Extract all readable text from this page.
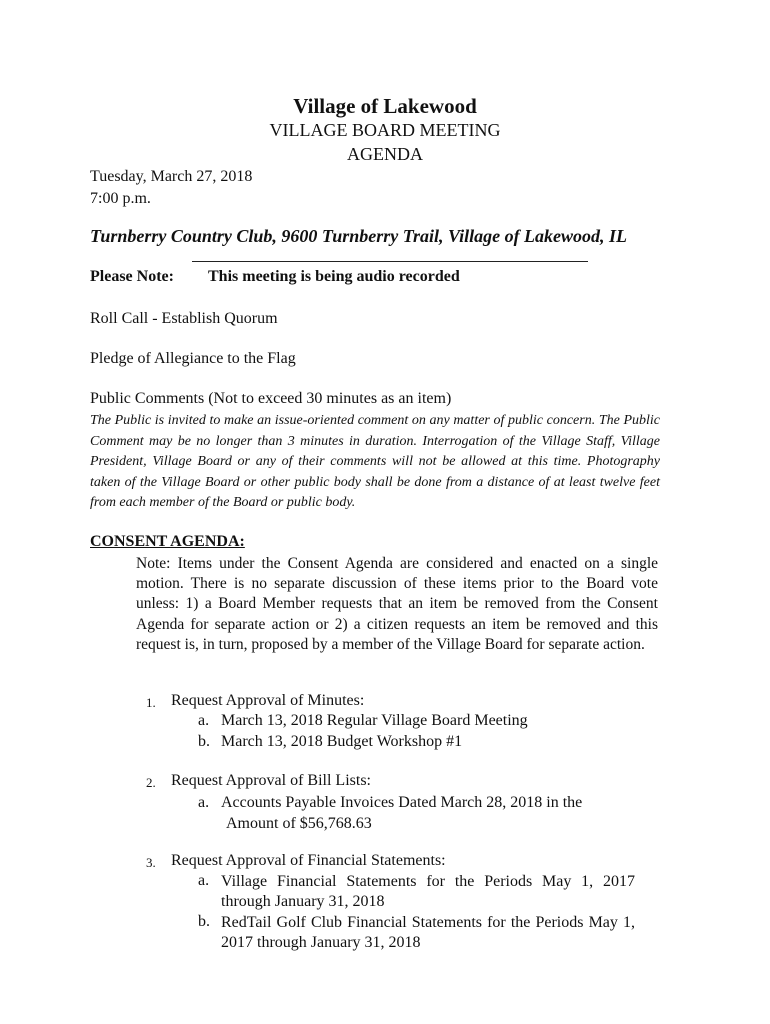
Village of Lakewood
VILLAGE BOARD MEETING
AGENDA
Tuesday, March 27, 2018
7:00 p.m.
Turnberry Country Club, 9600 Turnberry Trail, Village of Lakewood, IL
Please Note: This meeting is being audio recorded
Roll Call - Establish Quorum
Pledge of Allegiance to the Flag
Public Comments (Not to exceed 30 minutes as an item)
The Public is invited to make an issue-oriented comment on any matter of public concern. The Public Comment may be no longer than 3 minutes in duration. Interrogation of the Village Staff, Village President, Village Board or any of their comments will not be allowed at this time. Photography taken of the Village Board or other public body shall be done from a distance of at least twelve feet from each member of the Board or public body.
CONSENT AGENDA:
Note: Items under the Consent Agenda are considered and enacted on a single motion. There is no separate discussion of these items prior to the Board vote unless: 1) a Board Member requests that an item be removed from the Consent Agenda for separate action or 2) a citizen requests an item be removed and this request is, in turn, proposed by a member of the Village Board for separate action.
1. Request Approval of Minutes:
a. March 13, 2018 Regular Village Board Meeting
b. March 13, 2018 Budget Workshop #1
2. Request Approval of Bill Lists:
a. Accounts Payable Invoices Dated March 28, 2018 in the
Amount of $56,768.63
3. Request Approval of Financial Statements:
a. Village Financial Statements for the Periods May 1, 2017 through January 31, 2018
b. RedTail Golf Club Financial Statements for the Periods May 1, 2017 through January 31, 2018
